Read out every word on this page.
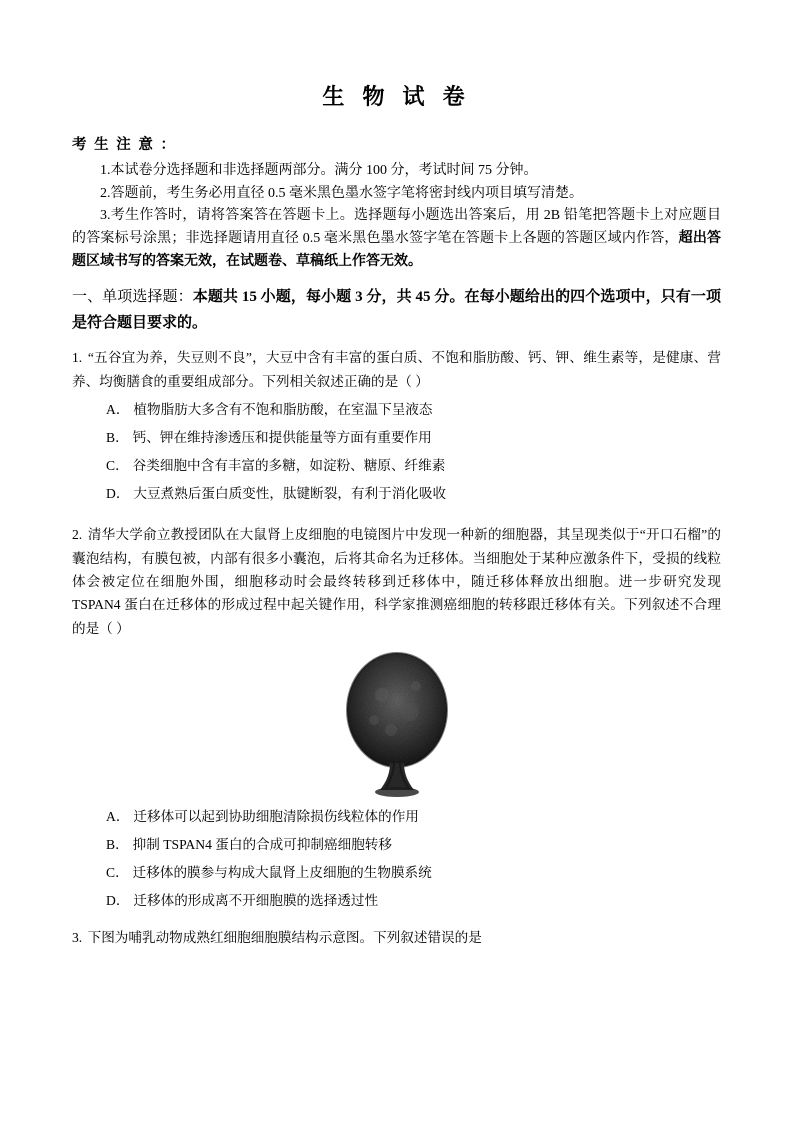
生 物 试 卷
考 生 注 意 ：

1.本试卷分选择题和非选择题两部分。满分 100 分，考试时间 75 分钟。

2.答题前，考生务必用直径 0.5 毫米黑色墨水签字笔将密封线内项目填写清楚。

3.考生作答时，请将答案答在答题卡上。选择题每小题选出答案后，用 2B 铅笔把答题卡上对应题目的答案标号涂黑；非选择题请用直径 0.5 毫米黑色墨水签字笔在答题卡上各题的答题区域内作答，超出答题区域书写的答案无效，在试题卷、草稿纸上作答无效。

一、单项选择题：本题共 15 小题，每小题 3 分，共 45 分。在每小题给出的四个选项中，只有一项是符合题目要求的。

1. “五谷宜为养，失豆则不良”，大豆中含有丰富的蛋白质、不饱和脂肪酸、钙、钾、维生素等，是健康、营养、均衡膳食的重要组成部分。下列相关叙述正确的是（ ）

A． 植物脂肪大多含有不饱和脂肪酸，在室温下呈液态

B． 钙、钾在维持渗透压和提供能量等方面有重要作用

C． 谷类细胞中含有丰富的多糖，如淀粉、糖原、纤维素

D． 大豆煮熟后蛋白质变性，肽键断裂，有利于消化吸收

2. 清华大学俞立教授团队在大鼠肾上皮细胞的电镜图片中发现一种新的细胞器，其呈现类似于“开口石榴”的囊泡结构，有膜包被，内部有很多小囊泡，后将其命名为迁移体。当细胞处于某种应激条件下，受损的线粒体会被定位在细胞外围，细胞移动时会最终转移到迁移体中，随迁移体释放出细胞。进一步研究发现 TSPAN4 蛋白在迁移体的形成过程中起关键作用，科学家推测癌细胞的转移跟迁移体有关。下列叙述不合理的是（ ）

A． 迁移体可以起到协助细胞清除损伤线粒体的作用

B． 抑制 TSPAN4 蛋白的合成可抑制癌细胞转移

C． 迁移体的膜参与构成大鼠肾上皮细胞的生物膜系统

D． 迁移体的形成离不开细胞膜的选择透过性

3. 下图为哺乳动物成熟红细胞细胞膜结构示意图。下列叙述错误的是
